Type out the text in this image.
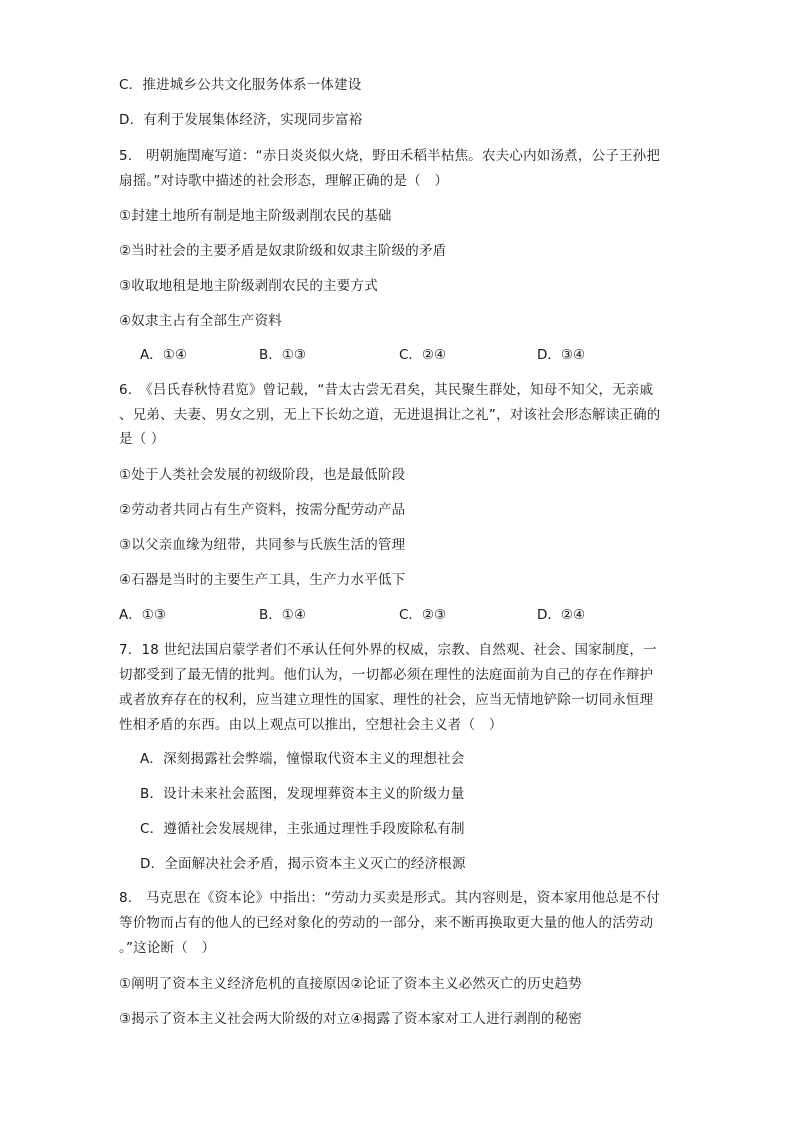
C．推进城乡公共文化服务体系一体建设
D．有利于发展集体经济，实现同步富裕
5.　明朝施閏庵写道：“赤日炎炎似火烧，野田禾稻半枯焦。农夫心内如汤煮，公子王孙把
扇摇。”对诗歌中描述的社会形态，理解正确的是（　）
①封建土地所有制是地主阶级剥削农民的基础
②当时社会的主要矛盾是奴隶阶级和奴隶主阶级的矛盾
③收取地租是地主阶级剥削农民的主要方式
④奴隶主占有全部生产资料
A．①④	B．①③	C．②④	D．③④
6.　《吕氏春秋恃君览》曾记载，“昔太古尝无君矣，其民聚生群处，知母不知父，无亲戚
、兄弟、夫妻、男女之别，无上下长幼之道，无进退揖让之礼”，对该社会形态解读正确的
是（ ）
①处于人类社会发展的初级阶段，也是最低阶段
②劳动者共同占有生产资料，按需分配劳动产品
③以父亲血缘为纽带，共同参与氏族生活的管理
④石器是当时的主要生产工具，生产力水平低下
A．①③	B．①④	C．②③	D．②④
7．18 世纪法国启蒙学者们不承认任何外界的权威，宗教、自然观、社会、国家制度，一
切都受到了最无情的批判。他们认为，一切都必须在理性的法庭面前为自己的存在作辩护
或者放弃存在的权利，应当建立理性的国家、理性的社会，应当无情地铲除一切同永恒理
性相矛盾的东西。由以上观点可以推出，空想社会主义者（　）
A．深刻揭露社会弊端，憧憬取代资本主义的理想社会
B．设计未来社会蓝图，发现埋葬资本主义的阶级力量
C．遵循社会发展规律，主张通过理性手段废除私有制
D．全面解决社会矛盾，揭示资本主义灭亡的经济根源
8.　马克思在《资本论》中指出：“劳动力买卖是形式。其内容则是，资本家用他总是不付
等价物而占有的他人的已经对象化的劳动的一部分，来不断再换取更大量的他人的活劳动
。”这论断（　）
①阐明了资本主义经济危机的直接原因②论证了资本主义必然灭亡的历史趋势
③揭示了资本主义社会两大阶级的对立④揭露了资本家对工人进行剥削的秘密
